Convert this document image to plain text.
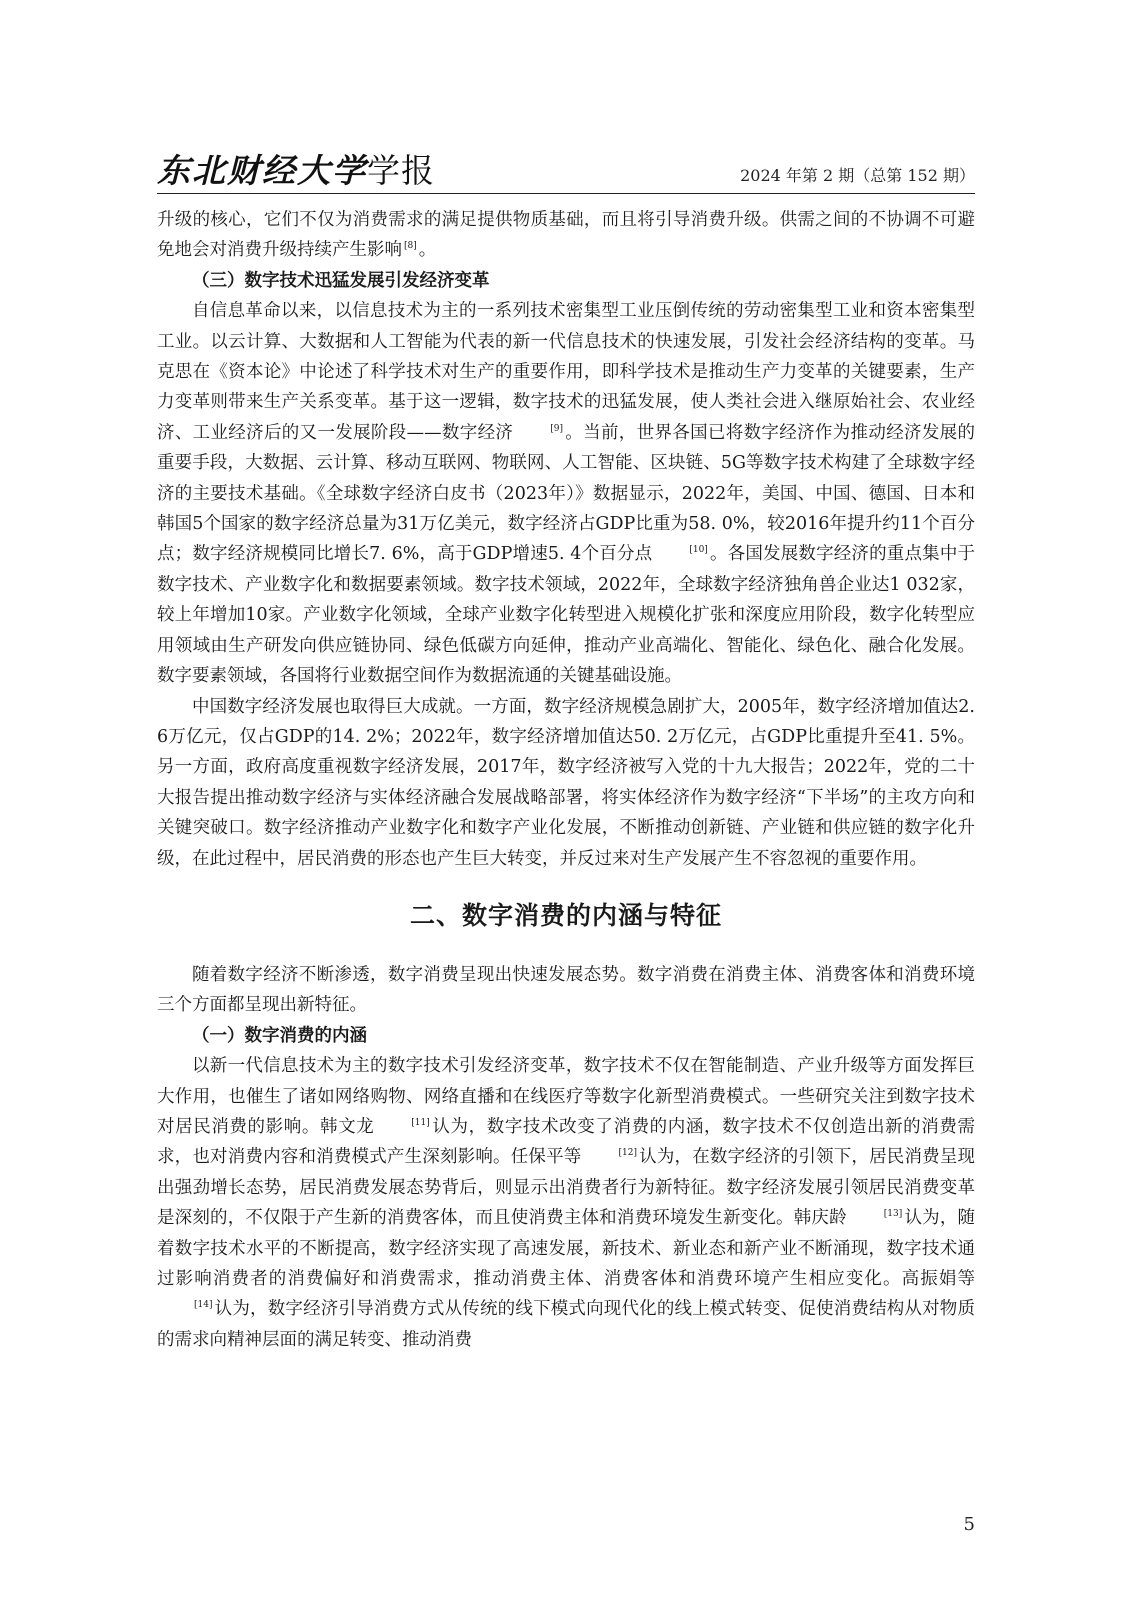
东北财经大学学报	2024 年第 2 期（总第 152 期）

升级的核心，它们不仅为消费需求的满足提供物质基础，而且将引导消费升级。供需之间的不协调不可避免地会对消费升级持续产生影响 [8] 。

（三）数字技术迅猛发展引发经济变革

自信息革命以来，以信息技术为主的一系列技术密集型工业压倒传统的劳动密集型工业和资本密集型工业。以云计算、大数据和人工智能为代表的新一代信息技术的快速发展，引发社会经济结构的变革。马克思在《资本论》中论述了科学技术对生产的重要作用，即科学技术是推动生产力变革的关键要素，生产力变革则带来生产关系变革。基于这一逻辑，数字技术的迅猛发展，使人类社会进入继原始社会、农业经济、工业经济后的又一发展阶段——数字经济	[9] 。当前，世界各国已将数字经济作为推动经济发展的重要手段，大数据、云计算、移动互联网、物联网、人工智能、区块链、5G等数字技术构建了全球数字经济的主要技术基础。《全球数字经济白皮书（2023年）》数据显示，2022年，美国、中国、德国、日本和韩国5个国家的数字经济总量为31万亿美元，数字经济占GDP比重为58. 0%，较2016年提升约11个百分点；数字经济规模同比增长7. 6%，高于GDP增速5. 4个百分点	[10] 。各国发展数字经济的重点集中于数字技术、产业数字化和数据要素领域。数字技术领域，2022年，全球数字经济独角兽企业达1 032家，较上年增加10家。产业数字化领域，全球产业数字化转型进入规模化扩张和深度应用阶段，数字化转型应用领域由生产研发向供应链协同、绿色低碳方向延伸，推动产业高端化、智能化、绿色化、融合化发展。数字要素领域，各国将行业数据空间作为数据流通的关键基础设施。

中国数字经济发展也取得巨大成就。一方面，数字经济规模急剧扩大，2005年，数字经济增加值达2. 6万亿元，仅占GDP的14. 2%；2022年，数字经济增加值达50. 2万亿元，占GDP比重提升至41. 5%。另一方面，政府高度重视数字经济发展，2017年，数字经济被写入党的十九大报告；2022年，党的二十大报告提出推动数字经济与实体经济融合发展战略部署，将实体经济作为数字经济“下半场”的主攻方向和关键突破口。数字经济推动产业数字化和数字产业化发展，不断推动创新链、产业链和供应链的数字化升级，在此过程中，居民消费的形态也产生巨大转变，并反过来对生产发展产生不容忽视的重要作用。

二、数字消费的内涵与特征

随着数字经济不断渗透，数字消费呈现出快速发展态势。数字消费在消费主体、消费客体和消费环境三个方面都呈现出新特征。

（一）数字消费的内涵

以新一代信息技术为主的数字技术引发经济变革，数字技术不仅在智能制造、产业升级等方面发挥巨大作用，也催生了诸如网络购物、网络直播和在线医疗等数字化新型消费模式。一些研究关注到数字技术对居民消费的影响。韩文龙	[11] 认为，数字技术改变了消费的内涵，数字技术不仅创造出新的消费需求，也对消费内容和消费模式产生深刻影响。任保平等	[12] 认为，在数字经济的引领下，居民消费呈现出强劲增长态势，居民消费发展态势背后，则显示出消费者行为新特征。数字经济发展引领居民消费变革是深刻的，不仅限于产生新的消费客体，而且使消费主体和消费环境发生新变化。韩庆龄	[13] 认为，随着数字技术水平的不断提高，数字经济实现了高速发展，新技术、新业态和新产业不断涌现，数字技术通过影响消费者的消费偏好和消费需求，推动消费主体、消费客体和消费环境产生相应变化。高振娟等[14] 认为，数字经济引导消费方式从传统的线下模式向现代化的线上模式转变、促使消费结构从对物质的需求向精神层面的满足转变、推动消费

5
